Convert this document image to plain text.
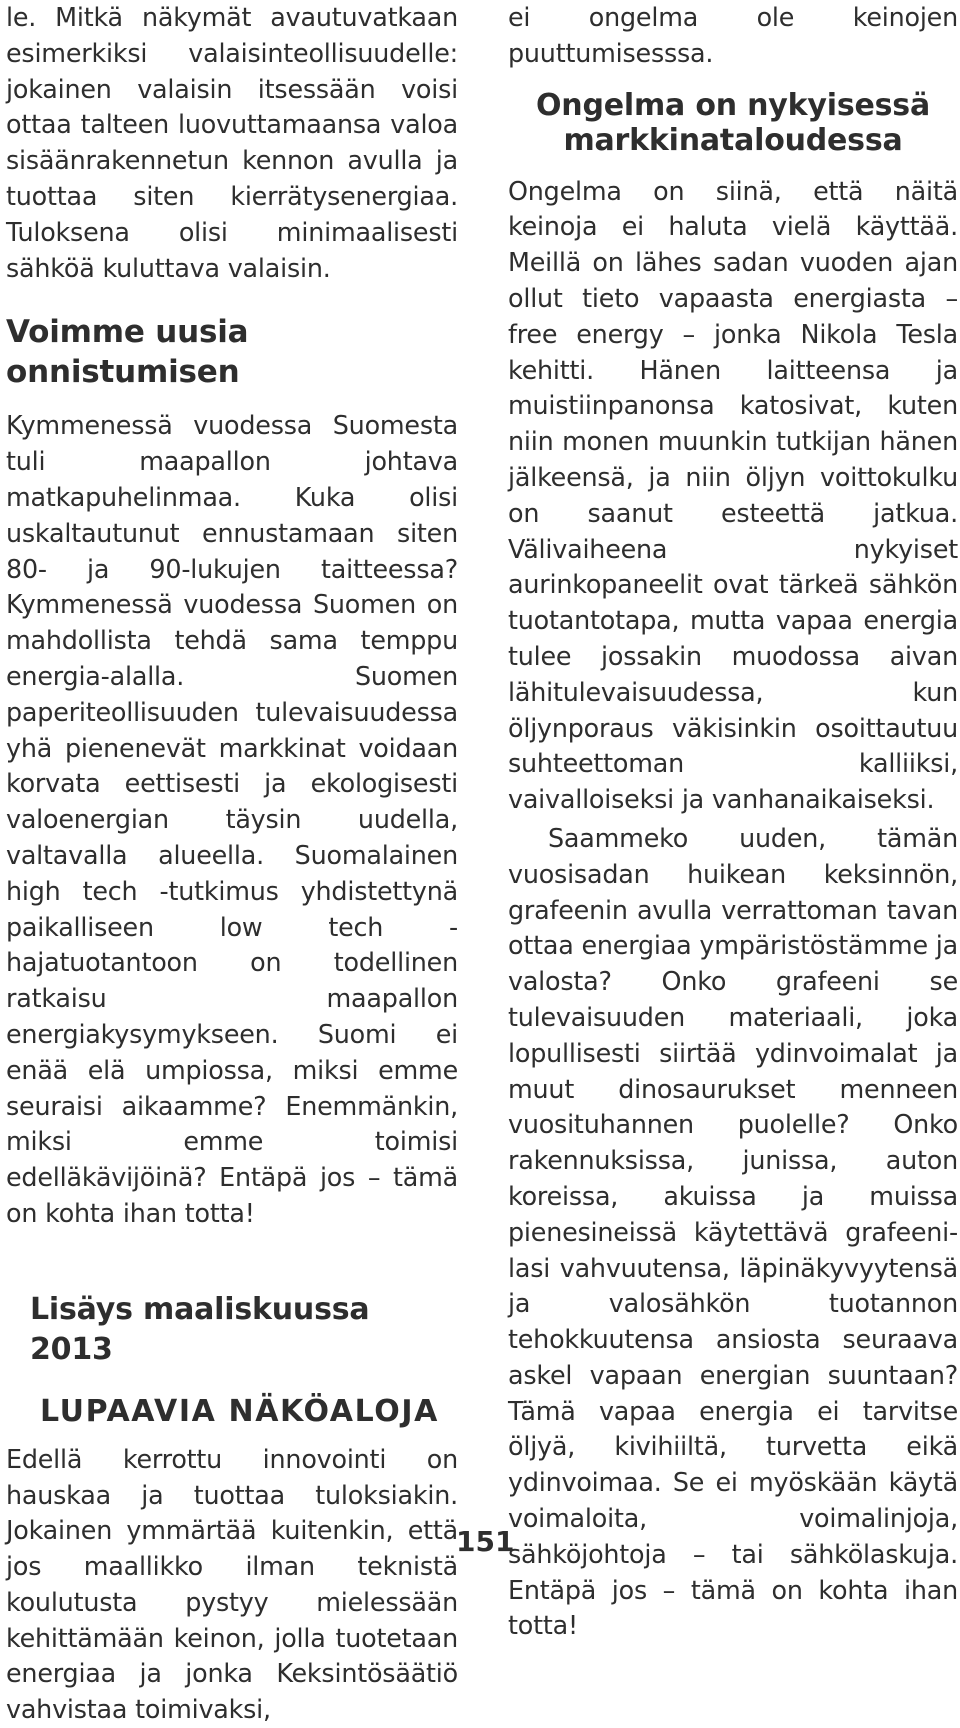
le. Mitkä näkymät avautuvatkaan esimerkiksi valaisinteollisuudelle: jokainen valaisin itsessään voisi ottaa talteen luovuttamaansa valoa sisäänrakennetun kennon avulla ja tuottaa siten kierrätysenergiaa. Tuloksena olisi minimaalisesti sähköä kuluttava valaisin.

Voimme uusia onnistumisen

Kymmenessä vuodessa Suomesta tuli maapallon johtava matkapuhelinmaa. Kuka olisi uskaltautunut ennustamaan siten 80- ja 90-lukujen taitteessa? Kymmenessä vuodessa Suomen on mahdollista tehdä sama temppu energia-alalla. Suomen paperiteollisuuden tulevaisuudessa yhä pienenevät markkinat voidaan korvata eettisesti ja ekologisesti valoenergian täysin uudella, valtavalla alueella. Suomalainen high tech -tutkimus yhdistettynä paikalliseen low tech -hajatuotantoon on todellinen ratkaisu maapallon energiakysymykseen. Suomi ei enää elä umpiossa, miksi emme seuraisi aikaamme? Enemmänkin, miksi emme toimisi edelläkävijöinä? Entäpä jos – tämä on kohta ihan totta!

Lisäys maaliskuussa 2013
LUPAAVIA NÄKÖALOJA

Edellä kerrottu innovointi on hauskaa ja tuottaa tuloksiakin. Jokainen ymmärtää kuitenkin, että jos maallikko ilman teknistä koulutusta pystyy mielessään kehittämään keinon, jolla tuotetaan energiaa ja jonka Keksintösäätiö vahvistaa toimivaksi,

ei ongelma ole keinojen puuttumisesssa.

Ongelma on nykyisessä markkinataloudessa

Ongelma on siinä, että näitä keinoja ei haluta vielä käyttää. Meillä on lähes sadan vuoden ajan ollut tieto vapaasta energiasta – free energy – jonka Nikola Tesla kehitti. Hänen laitteensa ja muistiinpanonsa katosivat, kuten niin monen muunkin tutkijan hänen jälkeensä, ja niin öljyn voittokulku on saanut esteettä jatkua. Välivaiheena nykyiset aurinkopaneelit ovat tärkeä sähkön tuotantotapa, mutta vapaa energia tulee jossakin muodossa aivan lähitulevaisuudessa, kun öljynporaus väkisinkin osoittautuu suhteettoman kalliiksi, vaivalloiseksi ja vanhanaikaiseksi.

Saammeko uuden, tämän vuosisadan huikean keksinnön, grafeenin avulla verrattoman tavan ottaa energiaa ympäristöstämme ja valosta? Onko grafeeni se tulevaisuuden materiaali, joka lopullisesti siirtää ydinvoimalat ja muut dinosaurukset menneen vuosituhannen puolelle? Onko rakennuksissa, junissa, auton koreissa, akuissa ja muissa pienesineissä käytettävä grafeeni-lasi vahvuutensa, läpinäkyvyytensä ja valosähkön tuotannon tehokkuutensa ansiosta seuraava askel vapaan energian suuntaan? Tämä vapaa energia ei tarvitse öljyä, kivihiiltä, turvetta eikä ydinvoimaa. Se ei myöskään käytä voimaloita, voimalinjoja, sähköjohtoja – tai sähkölaskuja. Entäpä jos – tämä on kohta ihan totta!

151
